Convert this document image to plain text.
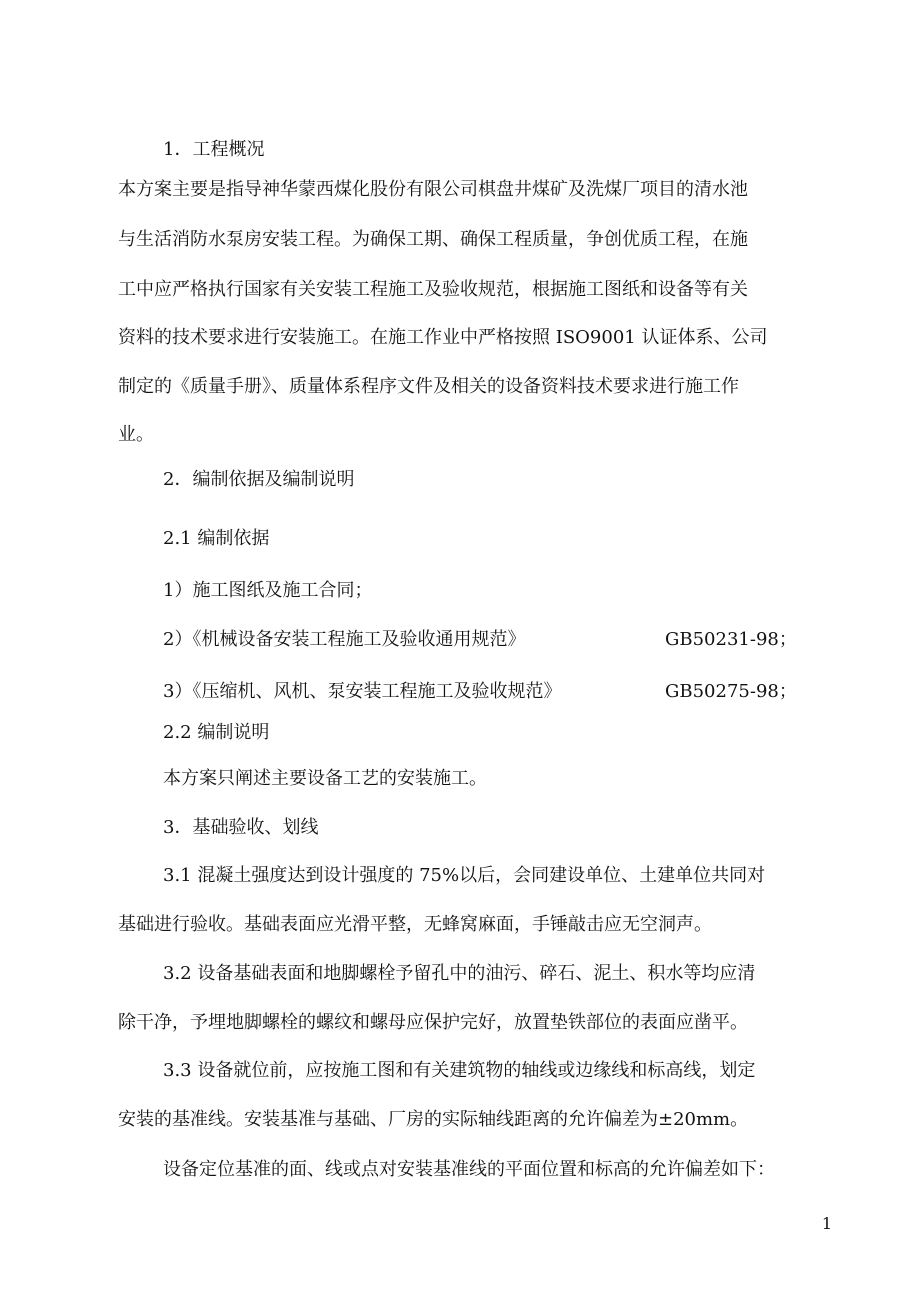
1．工程概况
本方案主要是指导神华蒙西煤化股份有限公司棋盘井煤矿及洗煤厂项目的清水池
与生活消防水泵房安装工程。为确保工期、确保工程质量，争创优质工程，在施
工中应严格执行国家有关安装工程施工及验收规范，根据施工图纸和设备等有关
资料的技术要求进行安装施工。在施工作业中严格按照 ISO9001 认证体系、公司
制定的《质量手册》、质量体系程序文件及相关的设备资料技术要求进行施工作
业。
2．编制依据及编制说明
2.1 编制依据
1）施工图纸及施工合同；
2）《机械设备安装工程施工及验收通用规范》	GB50231-98；
3）《压缩机、风机、泵安装工程施工及验收规范》	GB50275-98；
2.2 编制说明
本方案只阐述主要设备工艺的安装施工。
3．基础验收、划线
3.1 混凝土强度达到设计强度的 75%以后，会同建设单位、土建单位共同对
基础进行验收。基础表面应光滑平整，无蜂窝麻面，手锤敲击应无空洞声。
3.2 设备基础表面和地脚螺栓予留孔中的油污、碎石、泥土、积水等均应清
除干净，予埋地脚螺栓的螺纹和螺母应保护完好，放置垫铁部位的表面应凿平。
3.3 设备就位前，应按施工图和有关建筑物的轴线或边缘线和标高线，划定
安装的基准线。安装基准与基础、厂房的实际轴线距离的允许偏差为±20mm。
设备定位基准的面、线或点对安装基准线的平面位置和标高的允许偏差如下：
1
